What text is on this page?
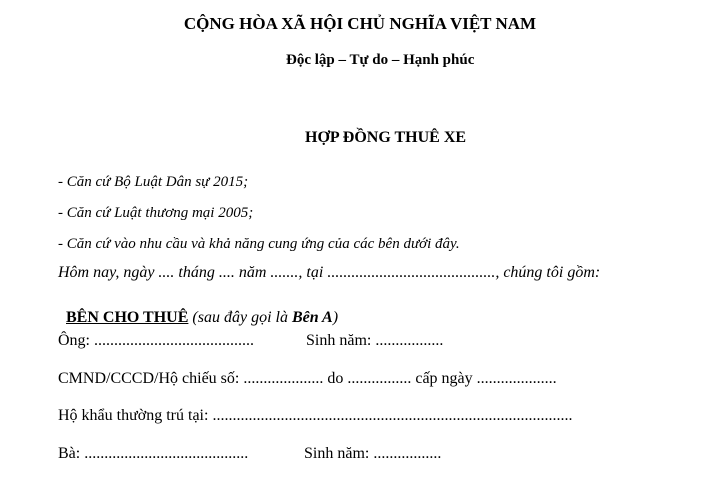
CỘNG HÒA XÃ HỘI CHỦ NGHĨA VIỆT NAM
Độc lập – Tự do – Hạnh phúc
HỢP ĐỒNG THUÊ XE
- Căn cứ Bộ Luật Dân sự 2015;
- Căn cứ Luật thương mại 2005;
- Căn cứ vào nhu cầu và khả năng cung ứng của các bên dưới đây.
Hôm nay, ngày .... tháng .... năm ......., tại .........................................., chúng tôi gồm:

BÊN CHO THUÊ (sau đây gọi là Bên A)

Ông: ........................................	Sinh năm: .................
CMND/CCCD/Hộ chiếu số: .................... do ................ cấp ngày ....................
Hộ khẩu thường trú tại: ..........................................................................................
Bà: .........................................	Sinh năm: .................
